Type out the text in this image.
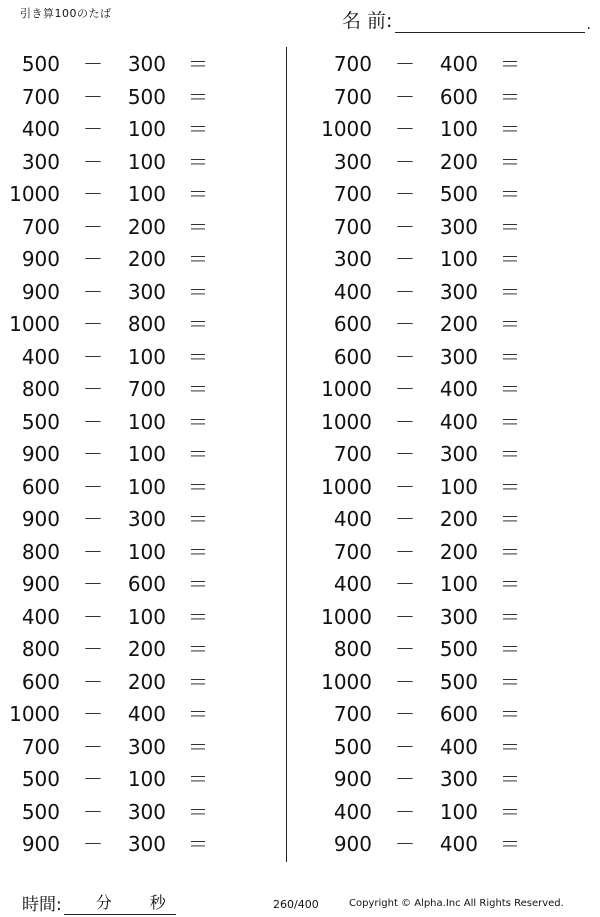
引き算100のたば	名 前:	.
500 － 300 ＝
700 － 500 ＝
400 － 100 ＝
300 － 100 ＝
1000 － 100 ＝
700 － 200 ＝
900 － 200 ＝
900 － 300 ＝
1000 － 800 ＝
400 － 100 ＝
800 － 700 ＝
500 － 100 ＝
900 － 100 ＝
600 － 100 ＝
900 － 300 ＝
800 － 100 ＝
900 － 600 ＝
400 － 100 ＝
800 － 200 ＝
600 － 200 ＝
1000 － 400 ＝
700 － 300 ＝
500 － 100 ＝
500 － 300 ＝
900 － 300 ＝
700 － 400 ＝
700 － 600 ＝
1000 － 100 ＝
300 － 200 ＝
700 － 500 ＝
700 － 300 ＝
300 － 100 ＝
400 － 300 ＝
600 － 200 ＝
600 － 300 ＝
1000 － 400 ＝
1000 － 400 ＝
700 － 300 ＝
1000 － 100 ＝
400 － 200 ＝
700 － 200 ＝
400 － 100 ＝
1000 － 300 ＝
800 － 500 ＝
1000 － 500 ＝
700 － 600 ＝
500 － 400 ＝
900 － 300 ＝
400 － 100 ＝
900 － 400 ＝
時間: 分 秒	260/400	Copyright © Alpha.Inc All Rights Reserved.
